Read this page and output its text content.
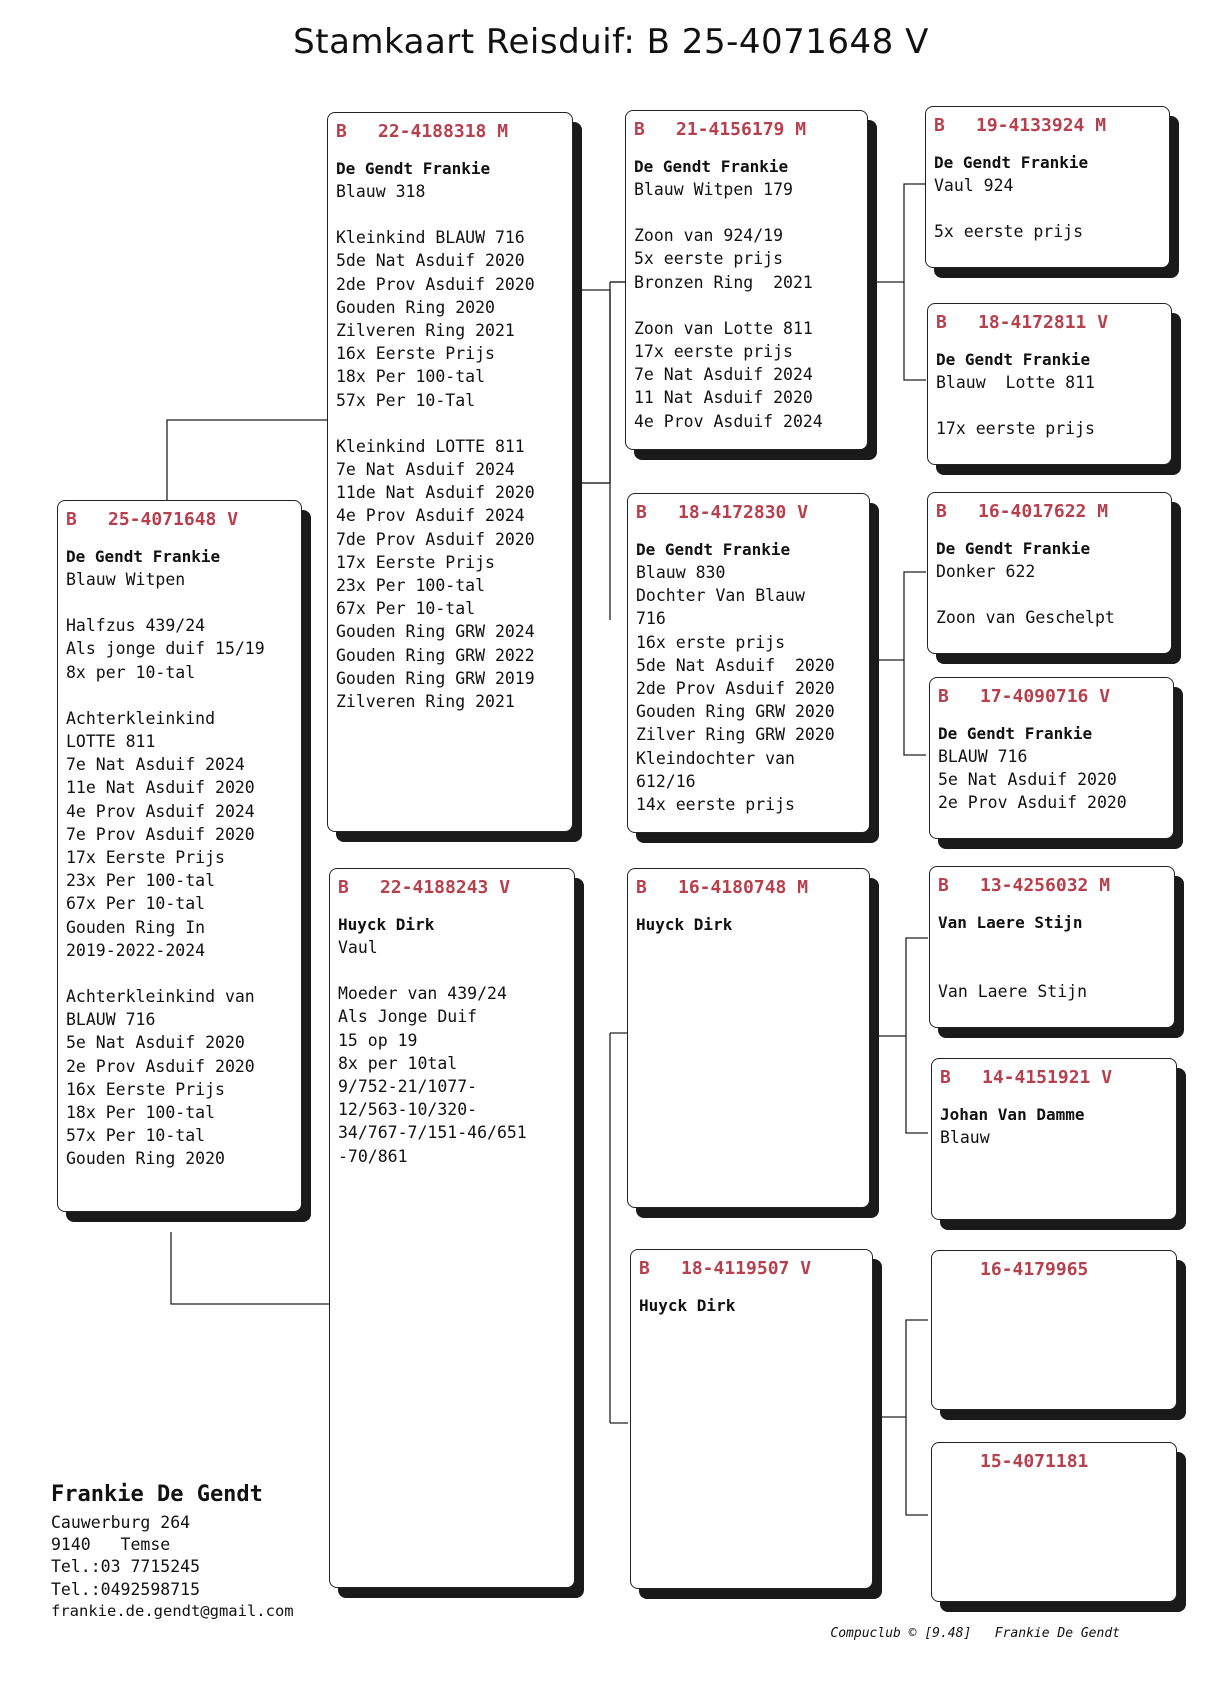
Stamkaart Reisduif: B 25-4071648 V
B 25-4071648 V
De Gendt Frankie
Blauw Witpen
Halfzus 439/24
Als jonge duif 15/19
8x per 10-tal
Achterkleinkind
LOTTE 811
7e Nat Asduif 2024
11e Nat Asduif 2020
4e Prov Asduif 2024
7e Prov Asduif 2020
17x Eerste Prijs
23x Per 100-tal
67x Per 10-tal
Gouden Ring In
2019-2022-2024
Achterkleinkind van
BLAUW 716
5e Nat Asduif 2020
2e Prov Asduif 2020
16x Eerste Prijs
18x Per 100-tal
57x Per 10-tal
Gouden Ring 2020
B 22-4188318 M
De Gendt Frankie
Blauw 318
Kleinkind BLAUW 716
5de Nat Asduif 2020
2de Prov Asduif 2020
Gouden Ring 2020
Zilveren Ring 2021
16x Eerste Prijs
18x Per 100-tal
57x Per 10-Tal
Kleinkind LOTTE 811
7e Nat Asduif 2024
11de Nat Asduif 2020
4e Prov Asduif 2024
7de Prov Asduif 2020
17x Eerste Prijs
23x Per 100-tal
67x Per 10-tal
Gouden Ring GRW 2024
Gouden Ring GRW 2022
Gouden Ring GRW 2019
Zilveren Ring 2021
B 22-4188243 V
Huyck Dirk
Vaul
Moeder van 439/24
Als Jonge Duif
15 op 19
8x per 10tal
9/752-21/1077-
12/563-10/320-
34/767-7/151-46/651
-70/861
B 21-4156179 M
De Gendt Frankie
Blauw Witpen 179
Zoon van 924/19
5x eerste prijs
Bronzen Ring  2021
Zoon van Lotte 811
17x eerste prijs
7e Nat Asduif 2024
11 Nat Asduif 2020
4e Prov Asduif 2024
B 18-4172830 V
De Gendt Frankie
Blauw 830
Dochter Van Blauw
716
16x erste prijs
5de Nat Asduif  2020
2de Prov Asduif 2020
Gouden Ring GRW 2020
Zilver Ring GRW 2020
Kleindochter van
612/16
14x eerste prijs
B 16-4180748 M
Huyck Dirk
B 18-4119507 V
Huyck Dirk
B 19-4133924 M
De Gendt Frankie
Vaul 924
5x eerste prijs
B 18-4172811 V
De Gendt Frankie
Blauw  Lotte 811
17x eerste prijs
B 16-4017622 M
De Gendt Frankie
Donker 622
Zoon van Geschelpt
B 17-4090716 V
De Gendt Frankie
BLAUW 716
5e Nat Asduif 2020
2e Prov Asduif 2020
B 13-4256032 M
Van Laere Stijn
Van Laere Stijn
B 14-4151921 V
Johan Van Damme
Blauw
16-4179965
15-4071181
Frankie De Gendt
Cauwerburg 264
9140   Temse
Tel.:03 7715245
Tel.:0492598715
frankie.de.gendt@gmail.com
Compuclub © [9.48]   Frankie De Gendt
